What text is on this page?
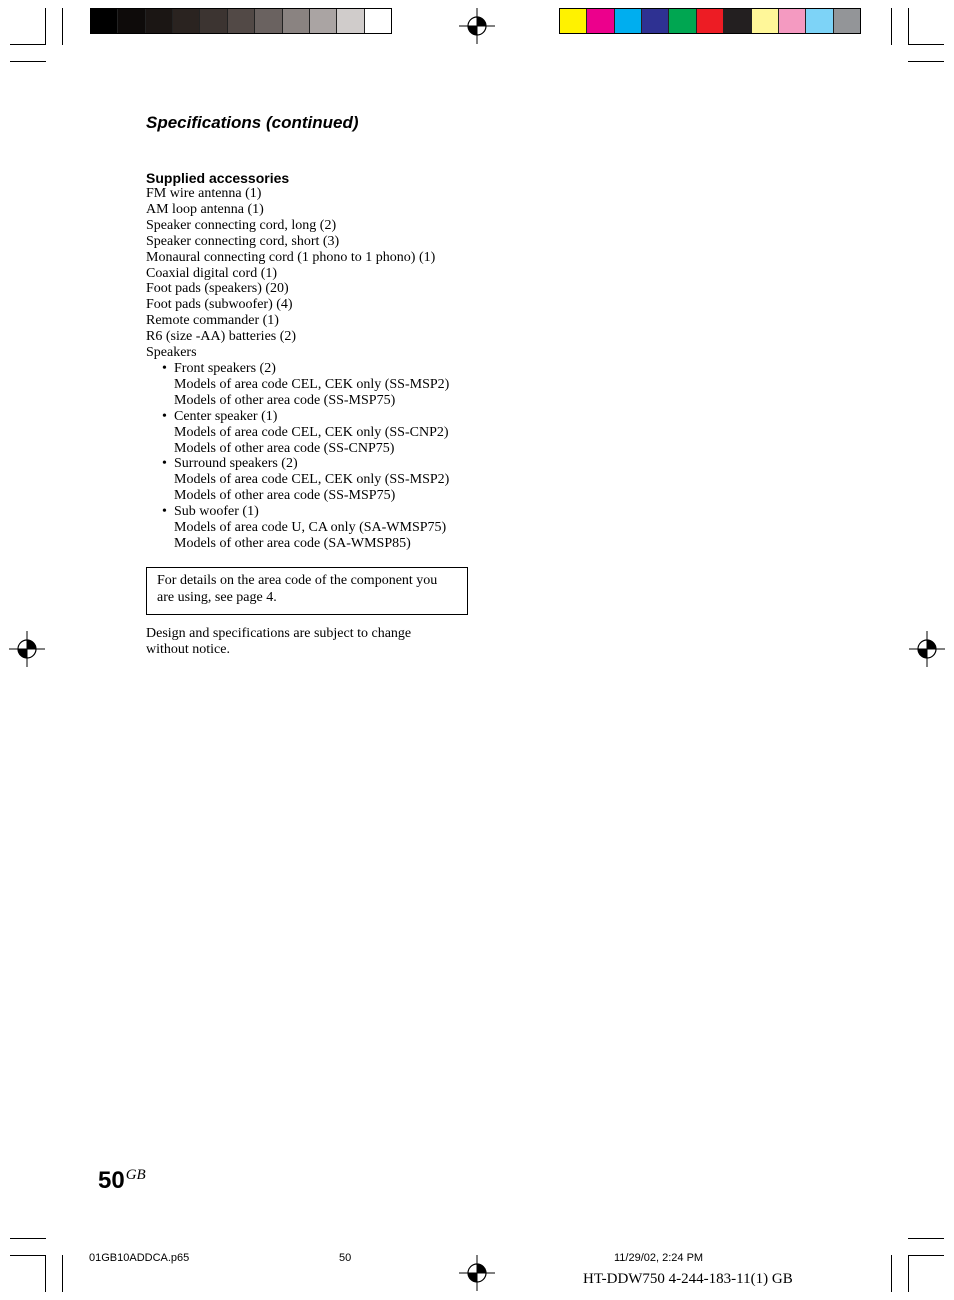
Specifications (continued)
Supplied accessories
FM wire antenna (1)
AM loop antenna (1)
Speaker connecting cord, long (2)
Speaker connecting cord, short (3)
Monaural connecting cord (1 phono to 1 phono) (1)
Coaxial digital cord (1)
Foot pads (speakers) (20)
Foot pads (subwoofer) (4)
Remote commander (1)
R6 (size -AA) batteries (2)
Speakers
• Front speakers (2)
Models of area code CEL, CEK only (SS-MSP2)
Models of other area code (SS-MSP75)
• Center speaker (1)
Models of area code CEL, CEK only (SS-CNP2)
Models of other area code (SS-CNP75)
• Surround speakers (2)
Models of area code CEL, CEK only (SS-MSP2)
Models of other area code (SS-MSP75)
• Sub woofer (1)
Models of area code U, CA only (SA-WMSP75)
Models of other area code (SA-WMSP85)
For details on the area code of the component you are using, see page 4.
Design and specifications are subject to change without notice.
$50^{GB}$
01GB10ADDCA.p65	50	11/29/02, 2:24 PM
HT-DDW750 4-244-183-11(1) GB
